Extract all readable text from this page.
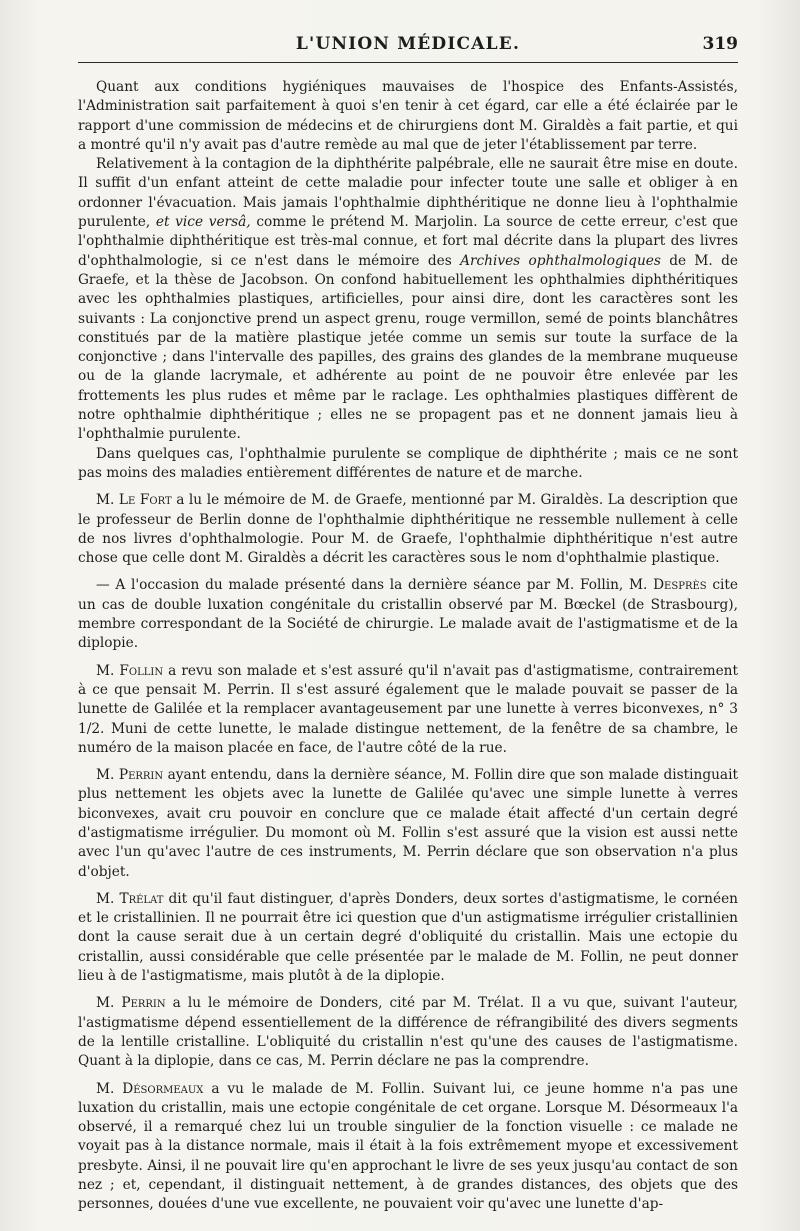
L'UNION MÉDICALE.	319

Quant aux conditions hygiéniques mauvaises de l'hospice des Enfants-Assistés, l'Administration sait parfaitement à quoi s'en tenir à cet égard, car elle a été éclairée par le rapport d'une commission de médecins et de chirurgiens dont M. Giraldès a fait partie, et qui a montré qu'il n'y avait pas d'autre remède au mal que de jeter l'établissement par terre.

Relativement à la contagion de la diphthérite palpébrale, elle ne saurait être mise en doute. Il suffit d'un enfant atteint de cette maladie pour infecter toute une salle et obliger à en ordonner l'évacuation. Mais jamais l'ophthalmie diphthéritique ne donne lieu à l'ophthalmie purulente, et vice versâ, comme le prétend M. Marjolin. La source de cette erreur, c'est que l'ophthalmie diphthéritique est très-mal connue, et fort mal décrite dans la plupart des livres d'ophthalmologie, si ce n'est dans le mémoire des Archives ophthalmologiques de M. de Graefe, et la thèse de Jacobson. On confond habituellement les ophthalmies diphthéritiques avec les ophthalmies plastiques, artificielles, pour ainsi dire, dont les caractères sont les suivants : La conjonctive prend un aspect grenu, rouge vermillon, semé de points blanchâtres constitués par de la matière plastique jetée comme un semis sur toute la surface de la conjonctive ; dans l'intervalle des papilles, des grains des glandes de la membrane muqueuse ou de la glande lacrymale, et adhérente au point de ne pouvoir être enlevée par les frottements les plus rudes et même par le raclage. Les ophthalmies plastiques diffèrent de notre ophthalmie diphthéritique ; elles ne se propagent pas et ne donnent jamais lieu à l'ophthalmie purulente.

Dans quelques cas, l'ophthalmie purulente se complique de diphthérite ; mais ce ne sont pas moins des maladies entièrement différentes de nature et de marche.

M. Le Fort a lu le mémoire de M. de Graefe, mentionné par M. Giraldès. La description que le professeur de Berlin donne de l'ophthalmie diphthéritique ne ressemble nullement à celle de nos livres d'ophthalmologie. Pour M. de Graefe, l'ophthalmie diphthéritique n'est autre chose que celle dont M. Giraldès a décrit les caractères sous le nom d'ophthalmie plastique.

— A l'occasion du malade présenté dans la dernière séance par M. Follin, M. Desprès cite un cas de double luxation congénitale du cristallin observé par M. Bœckel (de Strasbourg), membre correspondant de la Société de chirurgie. Le malade avait de l'astigmatisme et de la diplopie.

M. Follin a revu son malade et s'est assuré qu'il n'avait pas d'astigmatisme, contrairement à ce que pensait M. Perrin. Il s'est assuré également que le malade pouvait se passer de la lunette de Galilée et la remplacer avantageusement par une lunette à verres biconvexes, n° 3 1/2. Muni de cette lunette, le malade distingue nettement, de la fenêtre de sa chambre, le numéro de la maison placée en face, de l'autre côté de la rue.

M. Perrin ayant entendu, dans la dernière séance, M. Follin dire que son malade distinguait plus nettement les objets avec la lunette de Galilée qu'avec une simple lunette à verres biconvexes, avait cru pouvoir en conclure que ce malade était affecté d'un certain degré d'astigmatisme irrégulier. Du momont où M. Follin s'est assuré que la vision est aussi nette avec l'un qu'avec l'autre de ces instruments, M. Perrin déclare que son observation n'a plus d'objet.

M. Trélat dit qu'il faut distinguer, d'après Donders, deux sortes d'astigmatisme, le cornéen et le cristallinien. Il ne pourrait être ici question que d'un astigmatisme irrégulier cristallinien dont la cause serait due à un certain degré d'obliquité du cristallin. Mais une ectopie du cristallin, aussi considérable que celle présentée par le malade de M. Follin, ne peut donner lieu à de l'astigmatisme, mais plutôt à de la diplopie.

M. Perrin a lu le mémoire de Donders, cité par M. Trélat. Il a vu que, suivant l'auteur, l'astigmatisme dépend essentiellement de la différence de réfrangibilité des divers segments de la lentille cristalline. L'obliquité du cristallin n'est qu'une des causes de l'astigmatisme. Quant à la diplopie, dans ce cas, M. Perrin déclare ne pas la comprendre.

M. Désormeaux a vu le malade de M. Follin. Suivant lui, ce jeune homme n'a pas une luxation du cristallin, mais une ectopie congénitale de cet organe. Lorsque M. Désormeaux l'a observé, il a remarqué chez lui un trouble singulier de la fonction visuelle : ce malade ne voyait pas à la distance normale, mais il était à la fois extrêmement myope et excessivement presbyte. Ainsi, il ne pouvait lire qu'en approchant le livre de ses yeux jusqu'au contact de son nez ; et, cependant, il distinguait nettement, à de grandes distances, des objets que des personnes, douées d'une vue excellente, ne pouvaient voir qu'avec une lunette d'ap-
